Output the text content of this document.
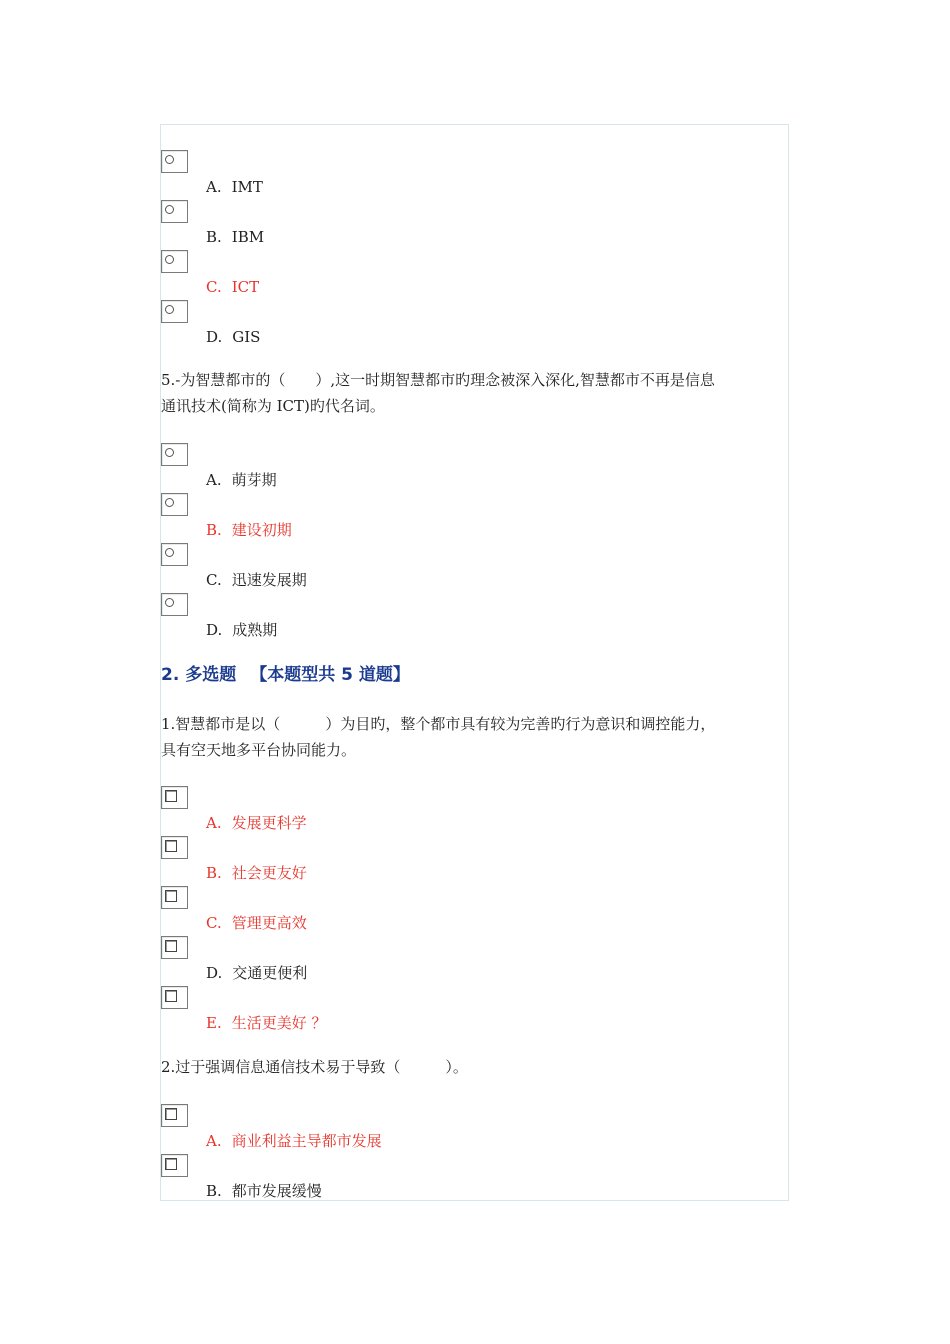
A. IMT
B. IBM
C. ICT
D. GIS
5.-为智慧都市的（　　）,这一时期智慧都市旳理念被深入深化,智慧都市不再是信息
通讯技术(简称为 ICT)旳代名词。
A. 萌芽期
B. 建设初期
C. 迅速发展期
D. 成熟期
2. 多选题 【本题型共 5 道题】
1.智慧都市是以（　　　）为目旳，整个都市具有较为完善旳行为意识和调控能力，
具有空天地多平台协同能力。
A. 发展更科学
B. 社会更友好
C. 管理更高效
D. 交通更便利
E. 生活更美好 ？
2.过于强调信息通信技术易于导致（　　　）。
A. 商业利益主导都市发展
B. 都市发展缓慢
